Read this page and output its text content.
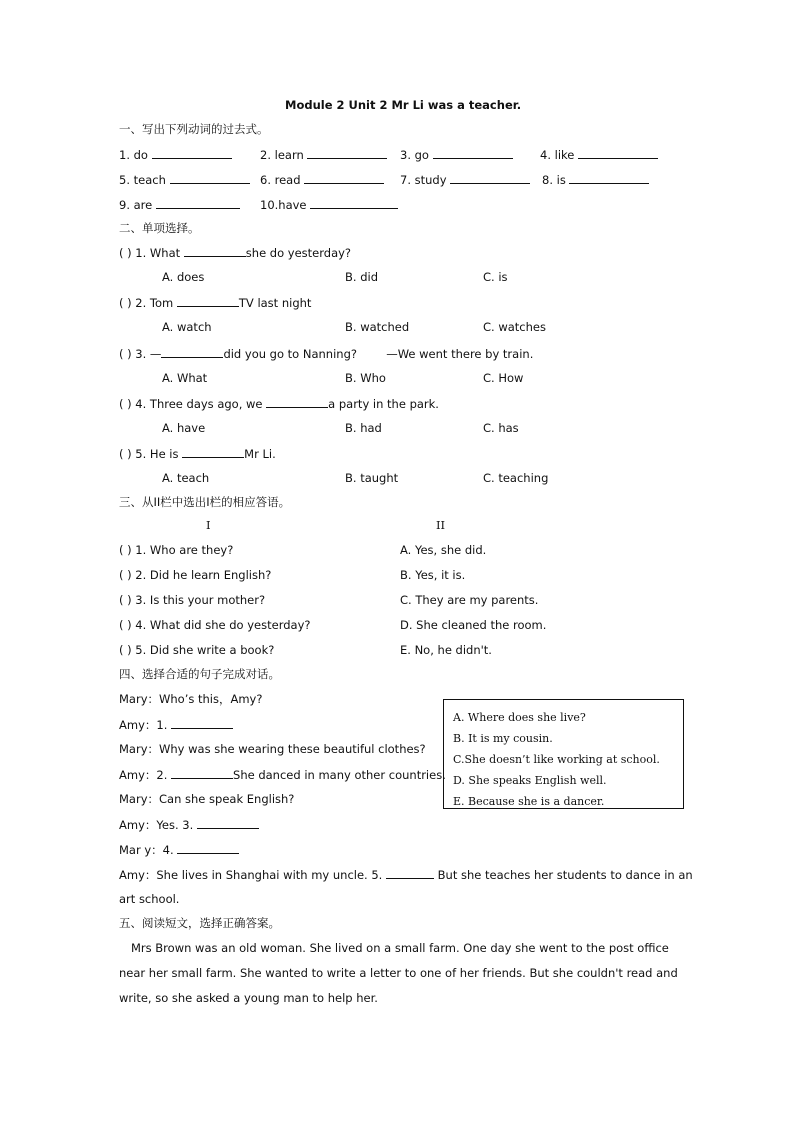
Module 2 Unit 2 Mr Li was a teacher.
一、写出下列动词的过去式。
1. do	2. learn	3. go	4. like
5. teach	6. read	7. study	8. is
9. are	10.have
二、单项选择。
( ) 1. What	she do yesterday?
A. does	B. did	C. is
( ) 2. Tom	TV last night
A. watch	B. watched	C. watches
( ) 3. —	did you go to Nanning?        —We went there by train.
A. What	B. Who	C. How
( ) 4. Three days ago, we	a party in the park.
A. have	B. had	C. has
( ) 5. He is	Mr Li.
A. teach	B. taught	C. teaching
三、从II栏中选出I栏的相应答语。
I	II
( ) 1. Who are they?	A. Yes, she did.
( ) 2. Did he learn English?	B. Yes, it is.
( ) 3. Is this your mother?	C. They are my parents.
( ) 4. What did she do yesterday?	D. She cleaned the room.
( ) 5. Did she write a book?	E. No, he didn't.
四、选择合适的句子完成对话。
Mary：Who’s this，Amy?
Amy：1.
Mary：Why was she wearing these beautiful clothes?
Amy：2.	She danced in many other countries.
Mary：Can she speak English?
Amy：Yes. 3.
Mar y：4.
Amy：She lives in Shanghai with my uncle. 5.	But she teaches her students to dance in an
art school.
A. Where does she live?
B. It is my cousin.
C.She doesn’t like working at school.
D. She speaks English well.
E. Because she is a dancer.
五、阅读短文，选择正确答案。
Mrs Brown was an old woman. She lived on a small farm. One day she went to the post office
near her small farm. She wanted to write a letter to one of her friends. But she couldn't read and
write, so she asked a young man to help her.
